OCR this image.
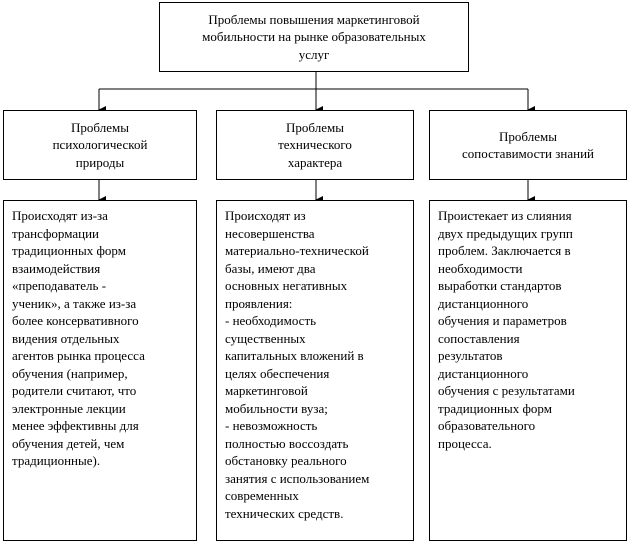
Проблемы повышения маркетинговой
мобильности на рынке образовательных
услуг
Проблемы
психологической
природы
Проблемы
технического
характера
Проблемы
сопоставимости знаний
Происходят из-за
трансформации
традиционных форм
взаимодействия
«преподаватель -
ученик», а также из-за
более консервативного
видения отдельных
агентов рынка процесса
обучения (например,
родители считают, что
электронные лекции
менее эффективны для
обучения детей, чем
традиционные).
Происходят из
несовершенства
материально-технической
базы, имеют два
основных негативных
проявления:
- необходимость
существенных
капитальных вложений в
целях обеспечения
маркетинговой
мобильности вуза;
- невозможность
полностью воссоздать
обстановку реального
занятия с использованием
современных
технических средств.
Проистекает из слияния
двух предыдущих групп
проблем. Заключается в
необходимости
выработки стандартов
дистанционного
обучения и параметров
сопоставления
результатов
дистанционного
обучения с результатами
традиционных форм
образовательного
процесса.
